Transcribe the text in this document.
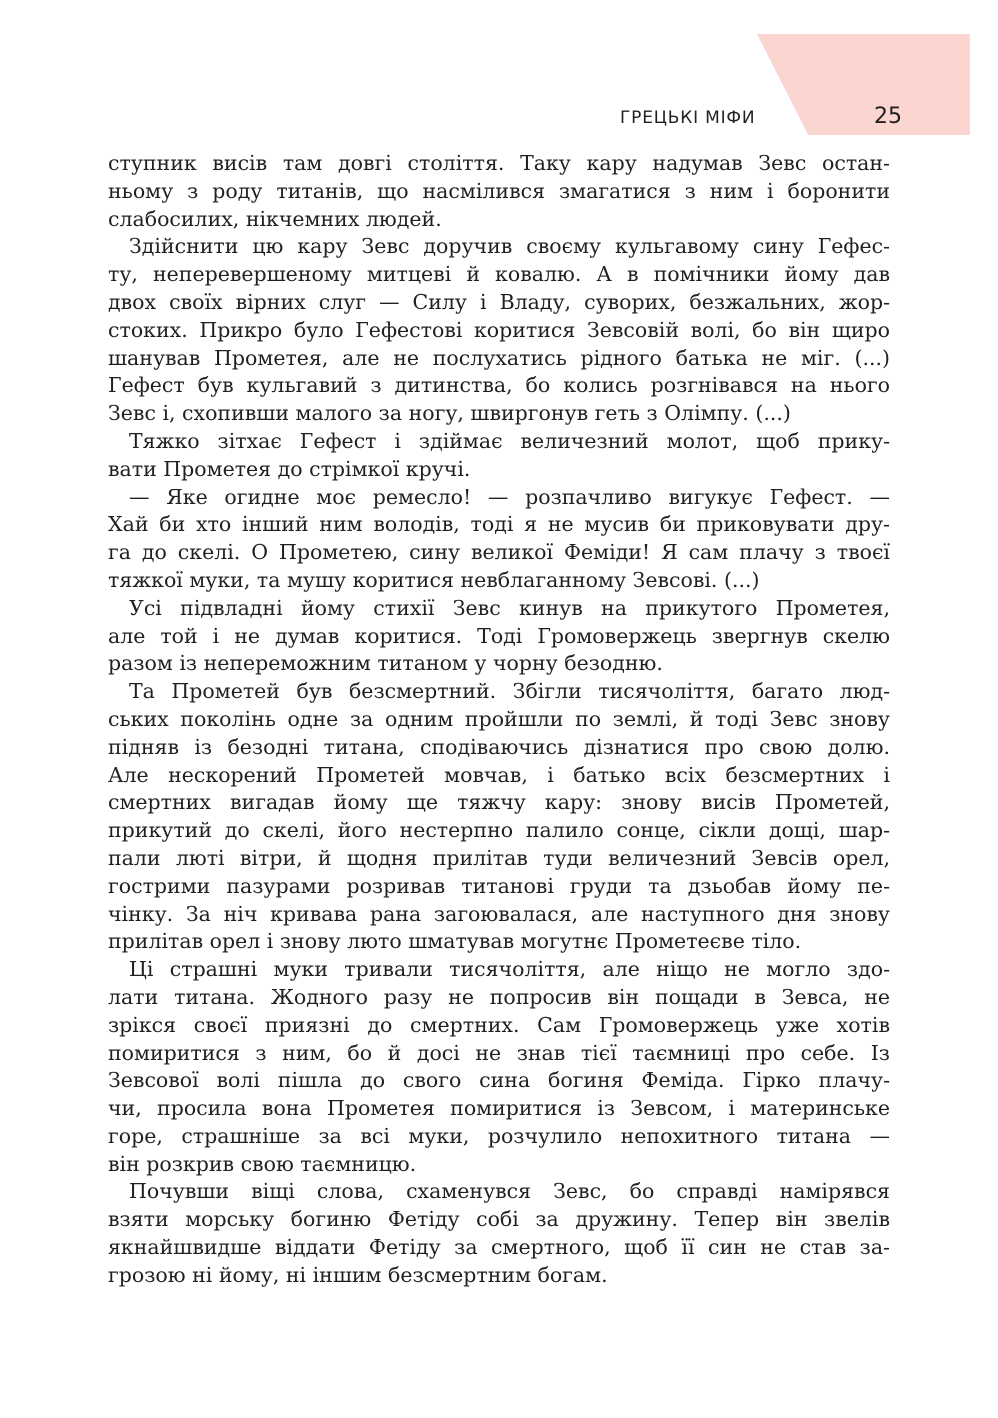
ГРЕЦЬКІ МІФИ	25
ступник висів там довгі століття. Таку кару надумав Зевс остан-
ньому з роду титанів, що насмілився змагатися з ним і боронити
слабосилих, нікчемних людей.
Здійснити цю кару Зевс доручив своєму кульгавому сину Гефес-
ту, неперевершеному митцеві й ковалю. А в помічники йому дав
двох своїх вірних слуг — Силу і Владу, суворих, безжальних, жор-
стоких. Прикро було Гефестові коритися Зевсовій волі, бо він щиро
шанував Прометея, але не послухатись рідного батька не міг. (...)
Гефест був кульгавий з дитинства, бо колись розгнівався на нього
Зевс і, схопивши малого за ногу, швиргонув геть з Олімпу. (...)
Тяжко зітхає Гефест і здіймає величезний молот, щоб прику-
вати Прометея до стрімкої кручі.
— Яке огидне моє ремесло! — розпачливо вигукує Гефест. —
Хай би хто інший ним володів, тоді я не мусив би приковувати дру-
га до скелі. О Прометею, сину великої Феміди! Я сам плачу з твоєї
тяжкої муки, та мушу коритися невблаганному Зевсові. (...)
Усі підвладні йому стихії Зевс кинув на прикутого Прометея,
але той і не думав коритися. Тоді Громовержець звергнув скелю
разом із непереможним титаном у чорну безодню.
Та Прометей був безсмертний. Збігли тисячоліття, багато люд-
ських поколінь одне за одним пройшли по землі, й тоді Зевс знову
підняв із безодні титана, сподіваючись дізнатися про свою долю.
Але нескорений Прометей мовчав, і батько всіх безсмертних і
смертних вигадав йому ще тяжчу кару: знову висів Прометей,
прикутий до скелі, його нестерпно палило сонце, сікли дощі, шар-
пали люті вітри, й щодня прилітав туди величезний Зевсів орел,
гострими пазурами розривав титанові груди та дзьобав йому пе-
чінку. За ніч кривава рана загоювалася, але наступного дня знову
прилітав орел і знову люто шматував могутнє Прометеєве тіло.
Ці страшні муки тривали тисячоліття, але ніщо не могло здо-
лати титана. Жодного разу не попросив він пощади в Зевса, не
зрікся своєї приязні до смертних. Сам Громовержець уже хотів
помиритися з ним, бо й досі не знав тієї таємниці про себе. Із
Зевсової волі пішла до свого сина богиня Феміда. Гірко плачу-
чи, просила вона Прометея помиритися із Зевсом, і материнське
горе, страшніше за всі муки, розчулило непохитного титана —
він розкрив свою таємницю.
Почувши віщі слова, схаменувся Зевс, бо справді намірявся
взяти морську богиню Фетіду собі за дружину. Тепер він звелів
якнайшвидше віддати Фетіду за смертного, щоб її син не став за-
грозою ні йому, ні іншим безсмертним богам.
